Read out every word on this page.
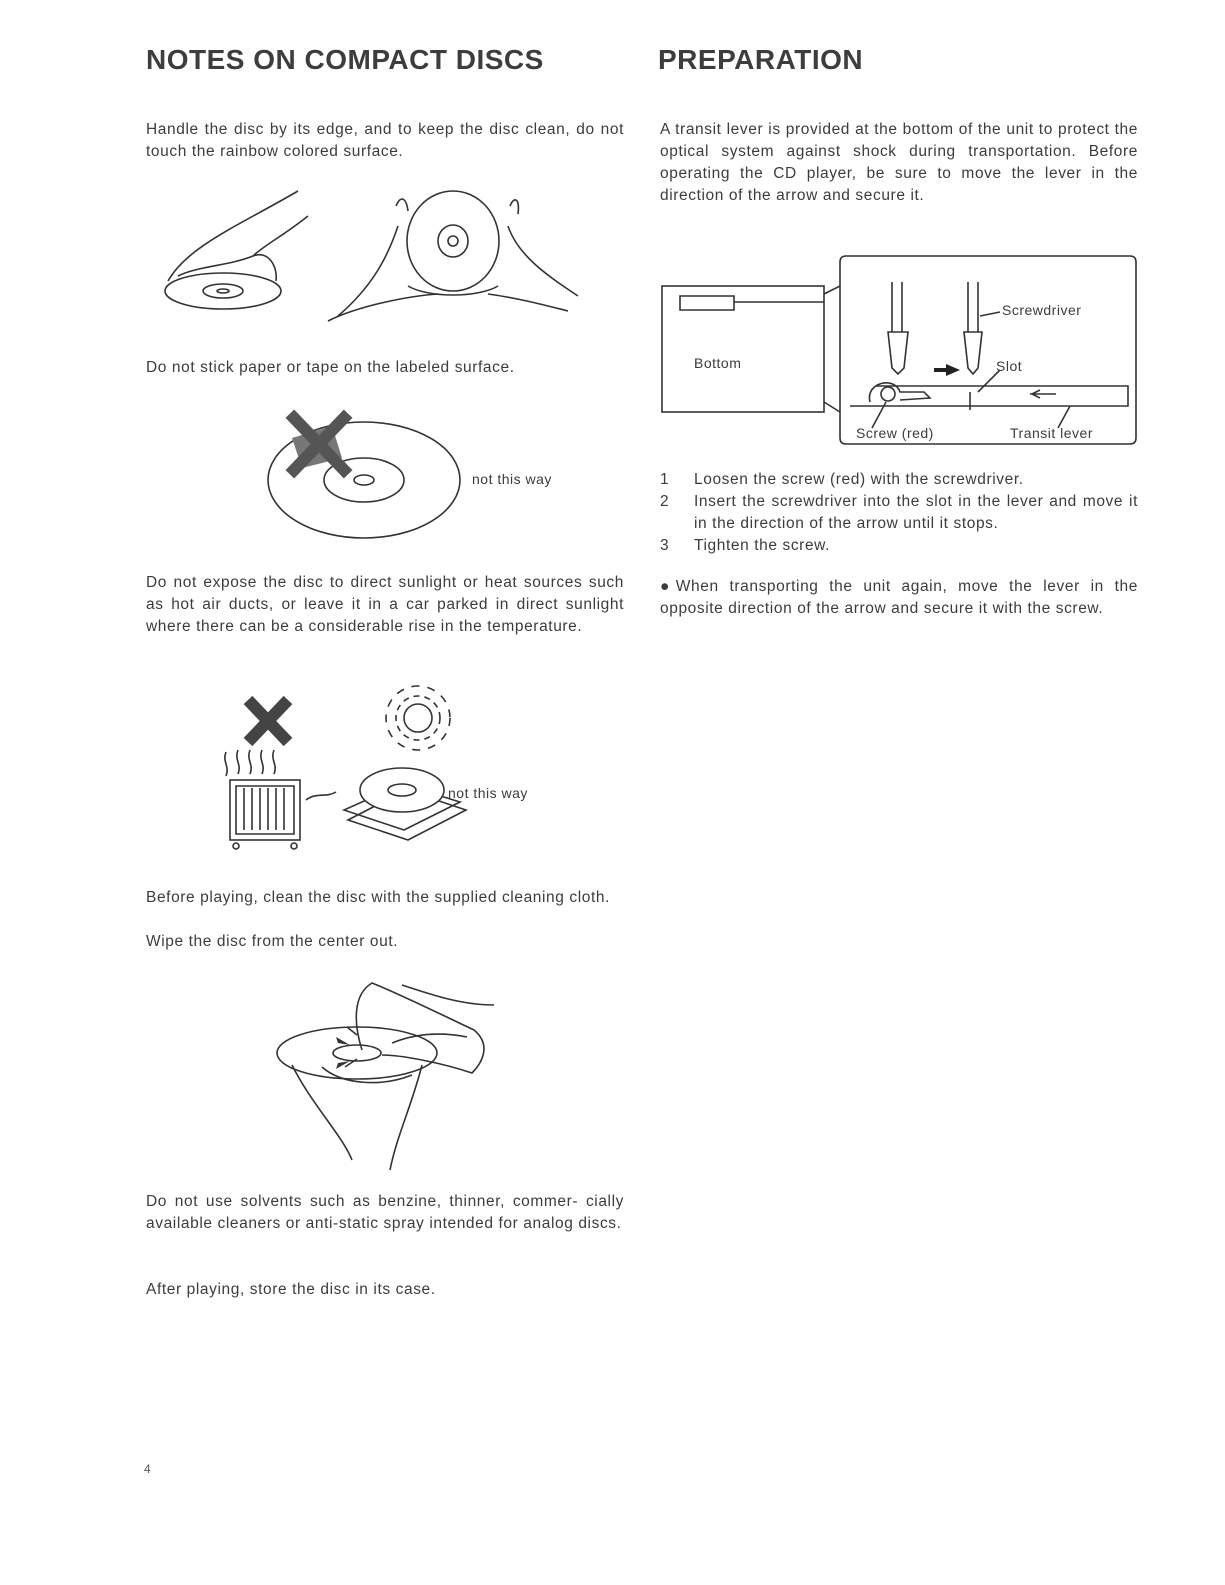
NOTES ON COMPACT DISCS

Handle the disc by its edge, and to keep the disc clean, do not touch the rainbow colored surface.

Do not stick paper or tape on the labeled surface.

not this way

Do not expose the disc to direct sunlight or heat sources such as hot air ducts, or leave it in a car parked in direct sunlight where there can be a considerable rise in the temperature.

not this way

Before playing, clean the disc with the supplied cleaning cloth.

Wipe the disc from the center out.

Do not use solvents such as benzine, thinner, commer- cially available cleaners or anti-static spray intended for analog discs.

After playing, store the disc in its case.

PREPARATION

A transit lever is provided at the bottom of the unit to protect the optical system against shock during transportation. Before operating the CD player, be sure to move the lever in the direction of the arrow and secure it.

Bottom
Screwdriver
Slot
Screw (red)	Transit lever
1 Loosen the screw (red) with the screwdriver.
2 Insert the screwdriver into the slot in the lever and move it in the direction of the arrow until it stops.
3 Tighten the screw.

●When transporting the unit again, move the lever in the opposite direction of the arrow and secure it with the screw.

4
